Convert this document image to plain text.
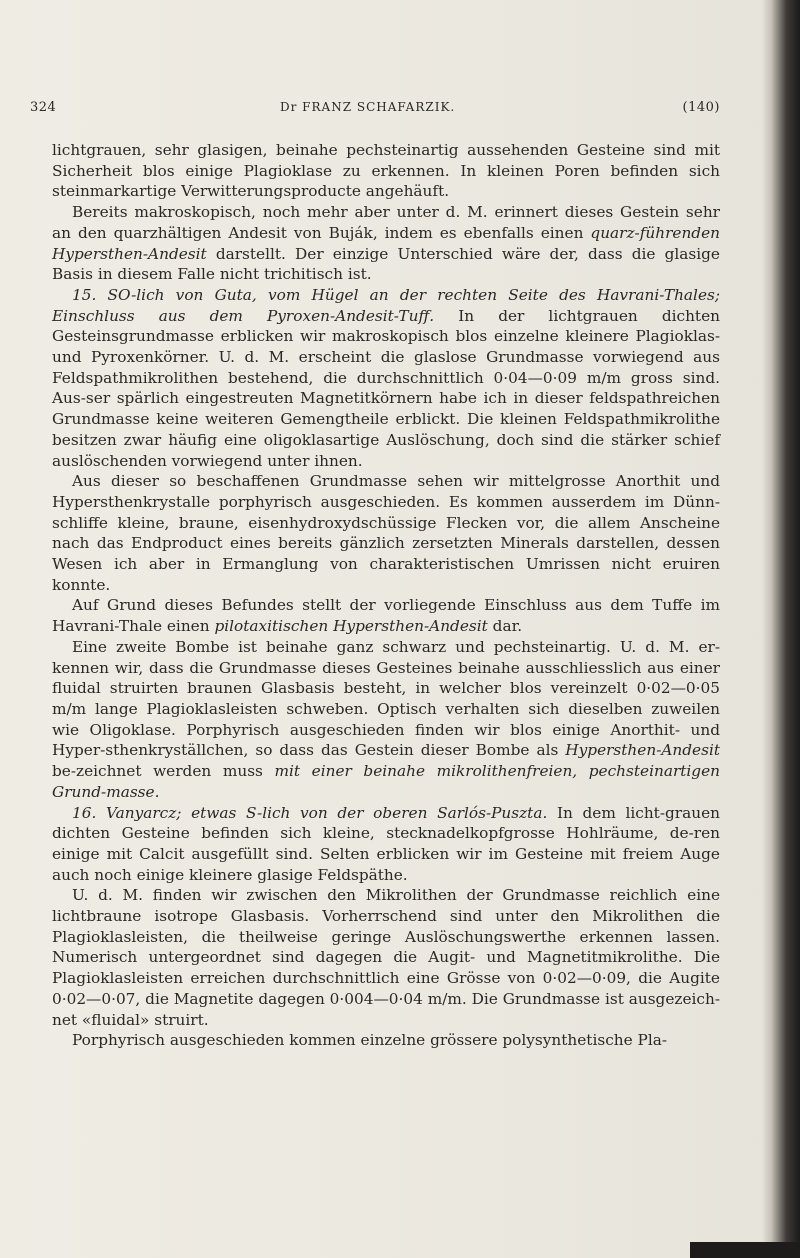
324	Dr FRANZ SCHAFARZIK.	(140)

lichtgrauen, sehr glasigen, beinahe pechsteinartig aussehenden Gesteine sind mit Sicherheit blos einige Plagioklase zu erkennen. In kleinen Poren befinden sich steinmarkartige Verwitterungsproducte angehäuft.

Bereits makroskopisch, noch mehr aber unter d. M. erinnert dieses Gestein sehr an den quarzhältigen Andesit von Buják, indem es ebenfalls einen quarz-führenden Hypersthen-Andesit darstellt. Der einzige Unterschied wäre der, dass die glasige Basis in diesem Falle nicht trichitisch ist.

15. SO-lich von Guta, vom Hügel an der rechten Seite des Havrani-Thales; Einschluss aus dem Pyroxen-Andesit-Tuff. In der lichtgrauen dichten Gesteinsgrundmasse erblicken wir makroskopisch blos einzelne kleinere Plagioklas- und Pyroxenkörner. U. d. M. erscheint die glaslose Grundmasse vorwiegend aus Feldspathmikrolithen bestehend, die durchschnittlich 0·04—0·09 m/m gross sind. Aus-ser spärlich eingestreuten Magnetitkörnern habe ich in dieser feldspathreichen Grundmasse keine weiteren Gemengtheile erblickt. Die kleinen Feldspathmikrolithe besitzen zwar häufig eine oligoklasartige Auslöschung, doch sind die stärker schief auslöschenden vorwiegend unter ihnen.

Aus dieser so beschaffenen Grundmasse sehen wir mittelgrosse Anorthit und Hypersthenkrystalle porphyrisch ausgeschieden. Es kommen ausserdem im Dünn-schliffe kleine, braune, eisenhydroxydschüssige Flecken vor, die allem Anscheine nach das Endproduct eines bereits gänzlich zersetzten Minerals darstellen, dessen Wesen ich aber in Ermanglung von charakteristischen Umrissen nicht eruiren konnte.

Auf Grund dieses Befundes stellt der vorliegende Einschluss aus dem Tuffe im Havrani-Thale einen pilotaxitischen Hypersthen-Andesit dar.

Eine zweite Bombe ist beinahe ganz schwarz und pechsteinartig. U. d. M. er-kennen wir, dass die Grundmasse dieses Gesteines beinahe ausschliesslich aus einer fluidal struirten braunen Glasbasis besteht, in welcher blos vereinzelt 0·02—0·05 m/m lange Plagioklasleisten schweben. Optisch verhalten sich dieselben zuweilen wie Oligoklase. Porphyrisch ausgeschieden finden wir blos einige Anorthit- und Hyper-sthenkryställchen, so dass das Gestein dieser Bombe als Hypersthen-Andesit be-zeichnet werden muss mit einer beinahe mikrolithenfreien, pechsteinartigen Grund-masse.

16. Vanyarcz; etwas S-lich von der oberen Sarlós-Puszta. In dem licht-grauen dichten Gesteine befinden sich kleine, stecknadelkopfgrosse Hohlräume, de-ren einige mit Calcit ausgefüllt sind. Selten erblicken wir im Gesteine mit freiem Auge auch noch einige kleinere glasige Feldspäthe.

U. d. M. finden wir zwischen den Mikrolithen der Grundmasse reichlich eine lichtbraune isotrope Glasbasis. Vorherrschend sind unter den Mikrolithen die Plagioklasleisten, die theilweise geringe Auslöschungswerthe erkennen lassen. Numerisch untergeordnet sind dagegen die Augit- und Magnetitmikrolithe. Die Plagioklasleisten erreichen durchschnittlich eine Grösse von 0·02—0·09, die Augite 0·02—0·07, die Magnetite dagegen 0·004—0·04 m/m. Die Grundmasse ist ausgezeich-net «fluidal» struirt.

Porphyrisch ausgeschieden kommen einzelne grössere polysynthetische Pla-
